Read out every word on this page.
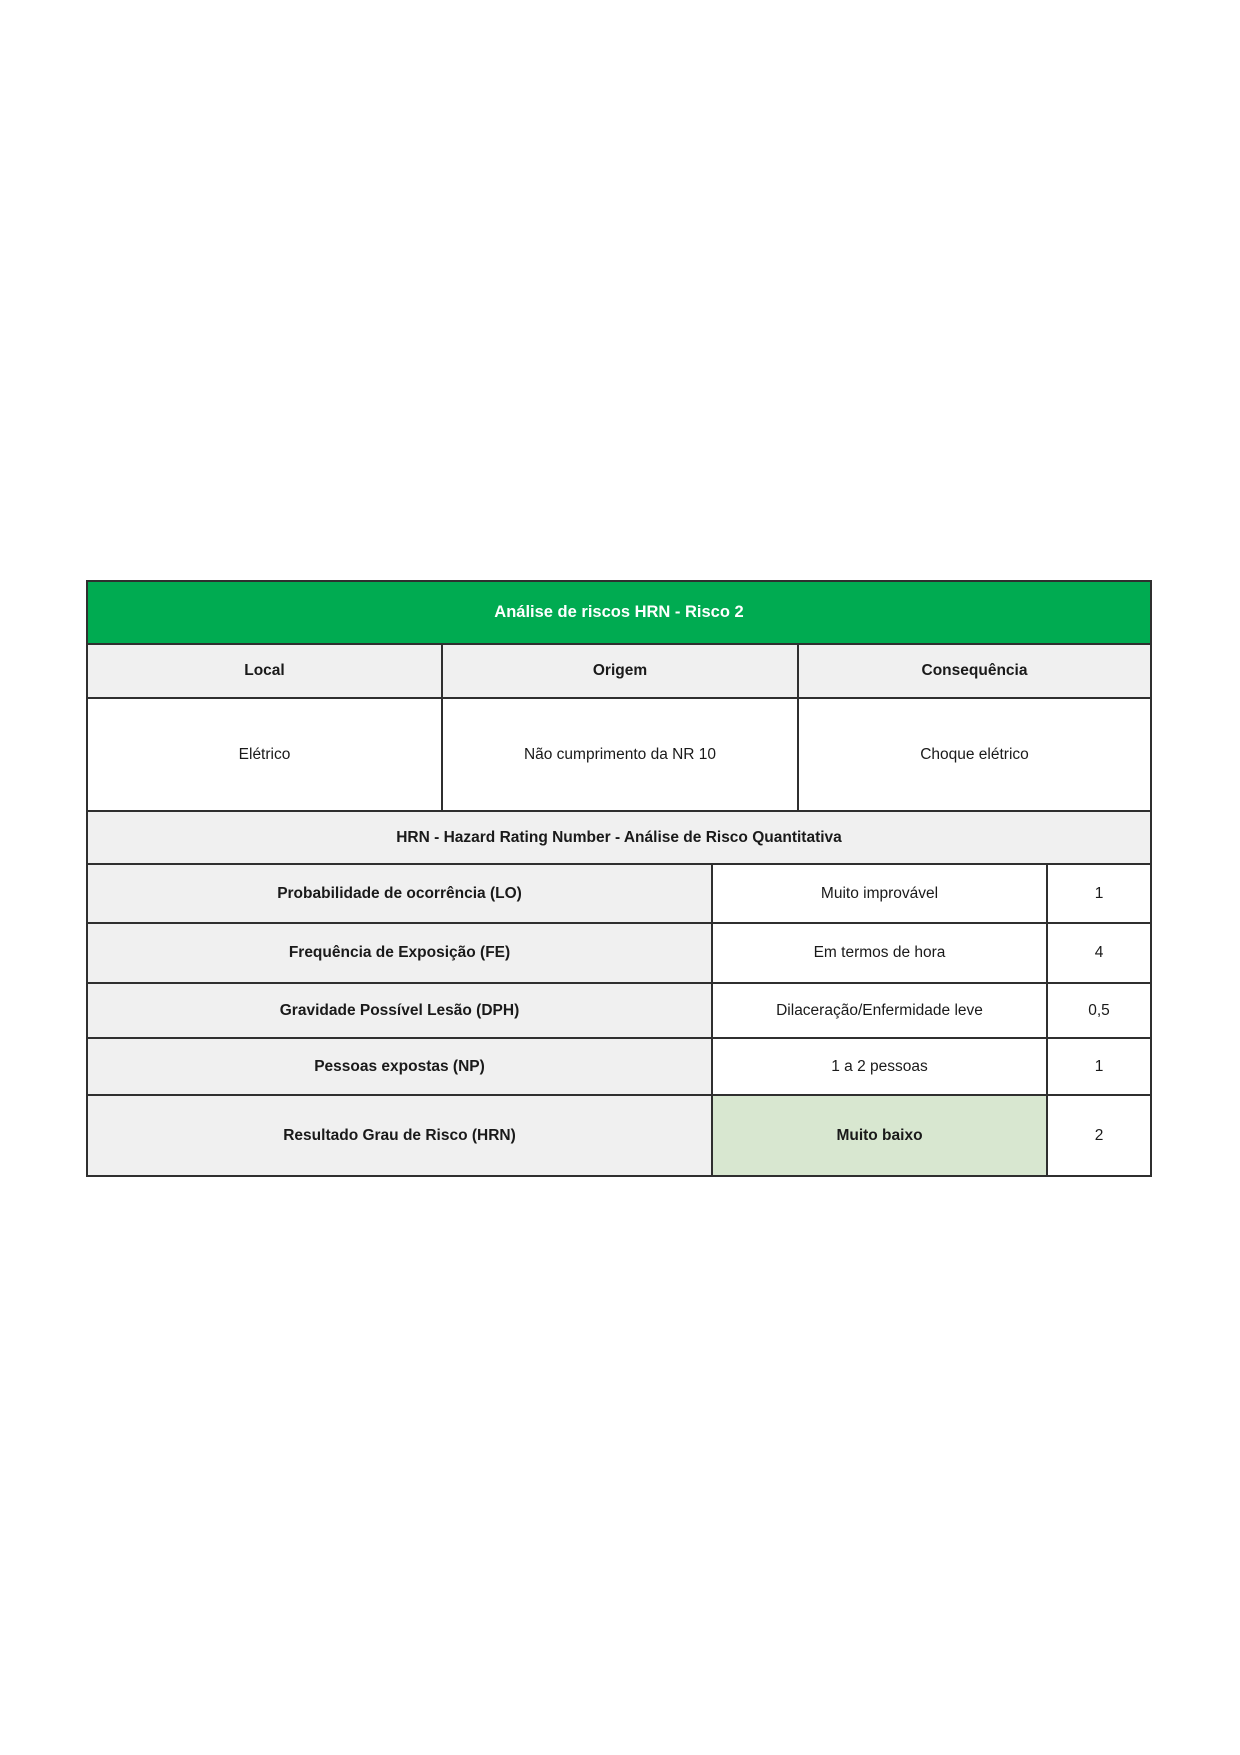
Análise de riscos HRN - Risco 2
Local	Origem	Consequência
Elétrico	Não cumprimento da NR 10	Choque elétrico
HRN - Hazard Rating Number - Análise de Risco Quantitativa
Probabilidade de ocorrência (LO)	Muito improvável	1
Frequência de Exposição (FE)	Em termos de hora	4
Gravidade Possível Lesão (DPH)	Dilaceração/Enfermidade leve	0,5
Pessoas expostas (NP)	1 a 2 pessoas	1
Resultado Grau de Risco (HRN)	Muito baixo	2
